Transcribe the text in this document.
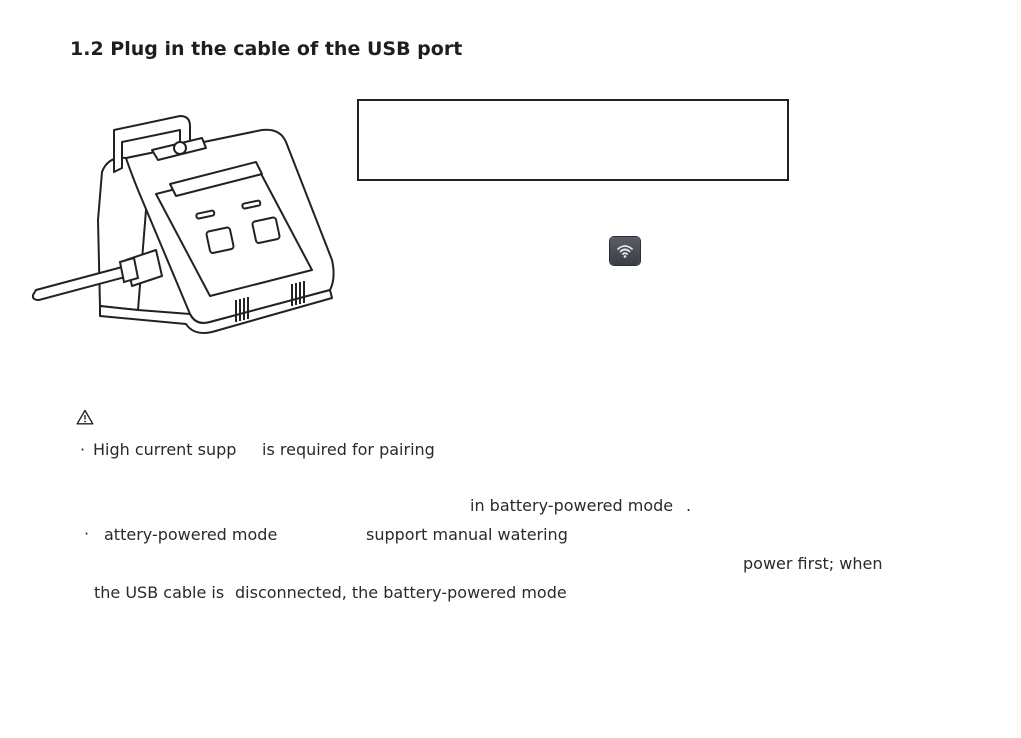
1.2 Plug in the cable of the USB port
· High current supp is required for pairing
in battery-powered mode .
· attery-powered mode	support manual watering
power first; when
the USB cable is disconnected, the battery-powered mode
